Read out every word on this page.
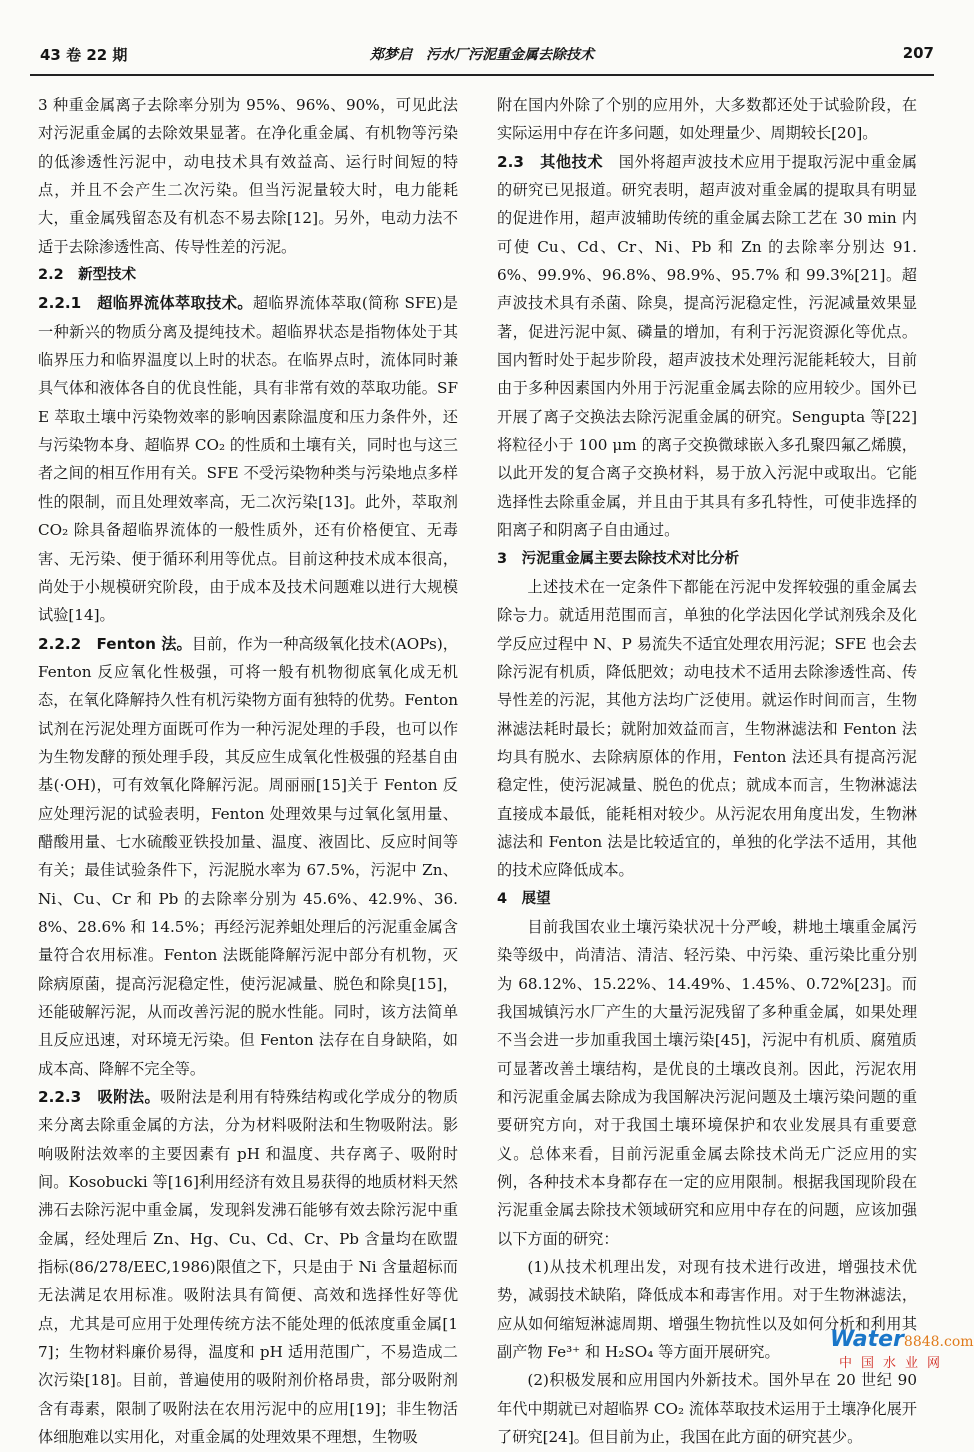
43 卷 22 期	郑梦启　污水厂污泥重金属去除技术	207

3 种重金属离子去除率分别为 95%、96%、90%，可见此法对污泥重金属的去除效果显著。在净化重金属、有机物等污染的低渗透性污泥中，动电技术具有效益高、运行时间短的特点，并且不会产生二次污染。但当污泥量较大时，电力能耗大，重金属残留态及有机态不易去除[12]。另外，电动力法不适于去除渗透性高、传导性差的污泥。

2.2　新型技术

2.2.1　超临界流体萃取技术。超临界流体萃取(简称 SFE)是一种新兴的物质分离及提纯技术。超临界状态是指物体处于其临界压力和临界温度以上时的状态。在临界点时，流体同时兼具气体和液体各自的优良性能，具有非常有效的萃取功能。SFE 萃取土壤中污染物效率的影响因素除温度和压力条件外，还与污染物本身、超临界 CO₂ 的性质和土壤有关，同时也与这三者之间的相互作用有关。SFE 不受污染物种类与污染地点多样性的限制，而且处理效率高，无二次污染[13]。此外，萃取剂 CO₂ 除具备超临界流体的一般性质外，还有价格便宜、无毒害、无污染、便于循环利用等优点。目前这种技术成本很高，尚处于小规模研究阶段，由于成本及技术问题难以进行大规模试验[14]。

2.2.2　Fenton 法。目前，作为一种高级氧化技术(AOPs)，Fenton 反应氧化性极强，可将一般有机物彻底氧化成无机态，在氧化降解持久性有机污染物方面有独特的优势。Fenton 试剂在污泥处理方面既可作为一种污泥处理的手段，也可以作为生物发酵的预处理手段，其反应生成氧化性极强的羟基自由基(·OH)，可有效氧化降解污泥。周丽丽[15]关于 Fenton 反应处理污泥的试验表明，Fenton 处理效果与过氧化氢用量、醋酸用量、七水硫酸亚铁投加量、温度、液固比、反应时间等有关；最佳试验条件下，污泥脱水率为 67.5%，污泥中 Zn、Ni、Cu、Cr 和 Pb 的去除率分别为 45.6%、42.9%、36.8%、28.6% 和 14.5%；再经污泥养蛆处理后的污泥重金属含量符合农用标准。Fenton 法既能降解污泥中部分有机物，灭除病原菌，提高污泥稳定性，使污泥减量、脱色和除臭[15]，还能破解污泥，从而改善污泥的脱水性能。同时，该方法简单且反应迅速，对环境无污染。但 Fenton 法存在自身缺陷，如成本高、降解不完全等。

2.2.3　吸附法。吸附法是利用有特殊结构或化学成分的物质来分离去除重金属的方法，分为材料吸附法和生物吸附法。影响吸附法效率的主要因素有 pH 和温度、共存离子、吸附时间。Kosobucki 等[16]利用经济有效且易获得的地质材料天然沸石去除污泥中重金属，发现斜发沸石能够有效去除污泥中重金属，经处理后 Zn、Hg、Cu、Cd、Cr、Pb 含量均在欧盟指标(86/278/EEC,1986)限值之下，只是由于 Ni 含量超标而无法满足农用标准。吸附法具有简便、高效和选择性好等优点，尤其是可应用于处理传统方法不能处理的低浓度重金属[17]；生物材料廉价易得，温度和 pH 适用范围广，不易造成二次污染[18]。目前，普遍使用的吸附剂价格昂贵，部分吸附剂含有毒素，限制了吸附法在农用污泥中的应用[19]；非生物活体细胞难以实用化，对重金属的处理效果不理想，生物吸

附在国内外除了个别的应用外，大多数都还处于试验阶段，在实际运用中存在许多问题，如处理量少、周期较长[20]。

2.3　其他技术　 国外将超声波技术应用于提取污泥中重金属的研究已见报道。研究表明，超声波对重金属的提取具有明显的促进作用，超声波辅助传统的重金属去除工艺在 30 min 内可使 Cu、Cd、Cr、Ni、Pb 和 Zn 的去除率分别达 91.6%、99.9%、96.8%、98.9%、95.7% 和 99.3%[21]。超声波技术具有杀菌、除臭，提高污泥稳定性，污泥减量效果显著，促进污泥中氮、磷量的增加，有利于污泥资源化等优点。国内暂时处于起步阶段，超声波技术处理污泥能耗较大，目前由于多种因素国内外用于污泥重金属去除的应用较少。国外已开展了离子交换法去除污泥重金属的研究。Sengupta 等[22]将粒径小于 100 μm 的离子交换微球嵌入多孔聚四氟乙烯膜，以此开发的复合离子交换材料，易于放入污泥中或取出。它能选择性去除重金属，并且由于其具有多孔特性，可使非选择的阳离子和阴离子自由通过。

3　污泥重金属主要去除技术对比分析

上述技术在一定条件下都能在污泥中发挥较强的重金属去除능力。就适用范围而言，单独的化学法因化学试剂残余及化学反应过程中 N、P 易流失不适宜处理农用污泥；SFE 也会去除污泥有机质，降低肥效；动电技术不适用去除渗透性高、传导性差的污泥，其他方法均广泛使用。就运作时间而言，生物淋滤法耗时最长；就附加效益而言，生物淋滤法和 Fenton 法均具有脱水、去除病原体的作用，Fenton 法还具有提高污泥稳定性，使污泥减量、脱色的优点；就成本而言，生物淋滤法直接成本最低，能耗相对较少。从污泥农用角度出发，生物淋滤法和 Fenton 法是比较适宜的，单独的化学法不适用，其他的技术应降低成本。

4　展望

目前我国农业土壤污染状况十分严峻，耕地土壤重金属污染等级中，尚清洁、清洁、轻污染、中污染、重污染比重分别为 68.12%、15.22%、14.49%、1.45%、0.72%[23]。而我国城镇污水厂产生的大量污泥残留了多种重金属，如果处理不当会进一步加重我国土壤污染[45]，污泥中有机质、腐殖质可显著改善土壤结构，是优良的土壤改良剂。因此，污泥农用和污泥重金属去除成为我国解决污泥问题及土壤污染问题的重要研究方向，对于我国土壤环境保护和农业发展具有重要意义。总体来看，目前污泥重金属去除技术尚无广泛应用的实例，各种技术本身都存在一定的应用限制。根据我国现阶段在污泥重金属去除技术领域研究和应用中存在的问题，应该加强以下方面的研究：

(1)从技术机理出发，对现有技术进行改进，增强技术优势，减弱技术缺陷，降低成本和毒害作用。对于生物淋滤法，应从如何缩短淋滤周期、增强生物抗性以及如何分析和利用其副产物 Fe³⁺ 和 H₂SO₄ 等方面开展研究。

(2)积极发展和应用国内外新技术。国外早在 20 世纪 90 年代中期就已对超临界 CO₂ 流体萃取技术运用于土壤净化展开了研究[24]。但目前为止，我国在此方面的研究甚少。

Water8848.com
中国水业网
